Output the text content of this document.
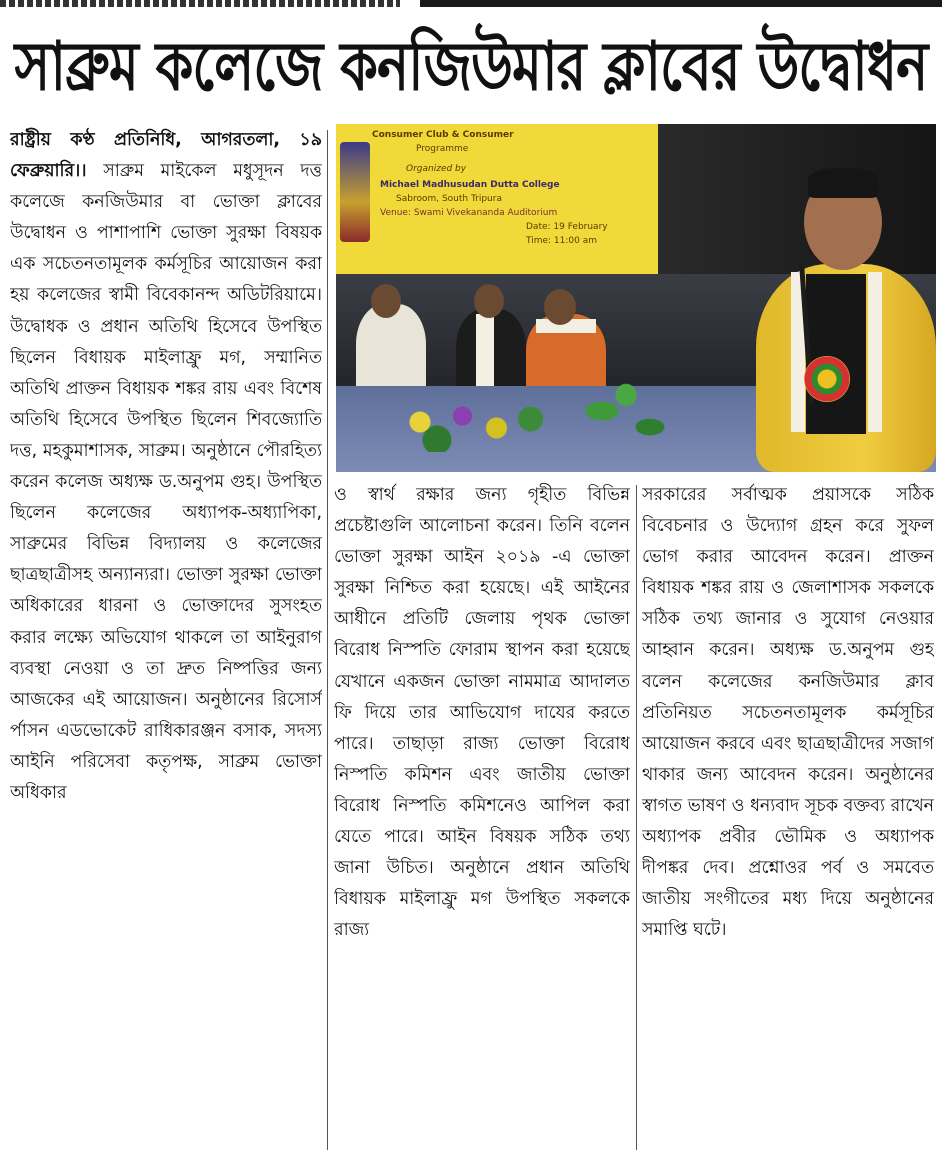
সাব্রুম কলেজে কনজিউমার ক্লাবের উদ্বোধন
রাষ্ট্রীয় কণ্ঠ প্রতিনিধি, আগরতলা, ১৯ ফেব্রুয়ারি।। সাব্রুম মাইকেল মধুসূদন দত্ত কলেজে কনজিউমার বা ভোক্তা ক্লাবের উদ্বোধন ও পাশাপাশি ভোক্তা সুরক্ষা বিষয়ক এক সচেতনতামূলক কর্মসূচির আয়োজন করা হয় কলেজের স্বামী বিবেকানন্দ অডিটরিয়ামে। উদ্বোধক ও প্রধান অতিথি হিসেবে উপস্থিত ছিলেন বিধায়ক মাইলাফ্রু মগ, সম্মানিত অতিথি প্রাক্তন বিধায়ক শঙ্কর রায় এবং বিশেষ অতিথি হিসেবে উপস্থিত ছিলেন শিবজ্যোতি দত্ত, মহকুমাশাসক, সাব্রুম। অনুষ্ঠানে পৌরহিত্য করেন কলেজ অধ্যক্ষ ড.অনুপম গুহ। উপস্থিত ছিলেন কলেজের অধ্যাপক-অধ্যাপিকা, সাব্রুমের বিভিন্ন বিদ্যালয় ও কলেজের ছাত্রছাত্রীসহ অন্যান্যরা। ভোক্তা সুরক্ষা ভোক্তা অধিকারের ধারনা ও ভোক্তাদের সুসংহত করার লক্ষ্যে অভিযোগ থাকলে তা আইনুরাগ ব্যবস্থা নেওয়া ও তা দ্রুত নিষ্পত্তির জন্য আজকের এই আয়োজন। অনুষ্ঠানের রিসোর্স র্পাসন এডভোকেট রাধিকারঞ্জন বসাক, সদস্য আইনি পরিসেবা কতৃপক্ষ, সাব্রুম ভোক্তা অধিকার
Consumer Club & Consumer
Programme
Organized by
Michael Madhusudan Dutta College
Sabroom, South Tripura
Date: 19 February
Venue: Swami Vivekananda Auditorium
Time: 11:00 am
ও স্বার্থ রক্ষার জন্য গৃহীত বিভিন্ন প্রচেষ্টাগুলি আলোচনা করেন। তিনি বলেন ভোক্তা সুরক্ষা আইন ২০১৯ -এ ভোক্তা সুরক্ষা নিশ্চিত করা হয়েছে। এই আইনের আধীনে প্রতিটি জেলায় পৃথক ভোক্তা বিরোধ নিস্পতি ফোরাম স্থাপন করা হয়েছে যেখানে একজন ভোক্তা নামমাত্র আদালত ফি দিয়ে তার আভিযোগ দাযের করতে পারে। তাছাড়া রাজ্য ভোক্তা বিরোধ নিস্পতি কমিশন এবং জাতীয় ভোক্তা বিরোধ নিস্পতি কমিশনেও আপিল করা যেতে পারে। আইন বিষয়ক সঠিক তথ্য জানা উচিত। অনুষ্ঠানে প্রধান অতিথি বিধায়ক মাইলাফ্রু মগ উপস্থিত সকলকে রাজ্য
সরকারের সর্বাত্মক প্রয়াসকে সঠিক বিবেচনার ও উদ্যোগ গ্রহন করে সুফল ভোগ করার আবেদন করেন। প্রাক্তন বিধায়ক শঙ্কর রায় ও জেলাশাসক সকলকে সঠিক তথ্য জানার ও সুযোগ নেওয়ার আহ্বান করেন। অধ্যক্ষ ড.অনুপম গুহ বলেন কলেজের কনজিউমার ক্লাব প্রতিনিয়ত সচেতনতামূলক কর্মসূচির আয়োজন করবে এবং ছাত্রছাত্রীদের সজাগ থাকার জন্য আবেদন করেন। অনুষ্ঠানের স্বাগত ভাষণ ও ধন্যবাদ সূচক বক্তব্য রাখেন অধ্যাপক প্রবীর ভৌমিক ও অধ্যাপক দীপঙ্কর দেব। প্রশ্নোওর পর্ব ও সমবেত জাতীয় সংগীতের মধ্য দিয়ে অনুষ্ঠানের সমাপ্তি ঘটে।
